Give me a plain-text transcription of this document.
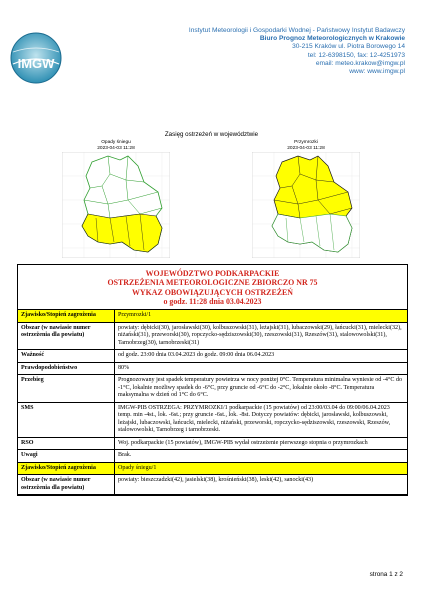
IMGW
Instytut Meteorologii i Gospodarki Wodnej - Państwowy Instytut Badawczy
Biuro Prognoz Meteorologicznych w Krakowie
30-215 Kraków ul. Piotra Borowego 14
tel: 12-6398150, fax: 12-4251973
email: meteo.krakow@imgw.pl
www: www.imgw.pl
Zasięg ostrzeżeń w województwie
Opady śniegu
2023-04-03 11:28
Przymrozki
2023-04-03 11:28
WOJEWÓDZTWO PODKARPACKIE
OSTRZEŻENIA METEOROLOGICZNE ZBIORCZO NR 75
WYKAZ OBOWIĄZUJĄCYCH OSTRZEŻEŃ
o godz. 11:28 dnia 03.04.2023
Zjawisko/Stopień zagrożenia	Przymrozki/1
Obszar (w nawiasie numer ostrzeżenia dla powiatu)	powiaty: dębicki(30), jarosławski(30), kolbuszowski(31), leżajski(31), lubaczowski(29), łańcucki(31), mielecki(32), niżański(31), przeworski(30), ropczycko-sędziszowski(30), rzeszowski(31), Rzeszów(31), stalowowolski(31), Tarnobrzeg(30), tarnobrzeski(31)
Ważność	od godz. 23:00 dnia 03.04.2023 do godz. 09:00 dnia 06.04.2023
Prawdopodobieństwo	80%
Przebieg	Prognozowany jest spadek temperatury powietrza w nocy poniżej 0°C. Temperatura minimalna wyniesie od -4°C do -1°C, lokalnie możliwy spadek do -6°C, przy gruncie od -6°C do -2°C, lokalnie około -8°C. Temperatura maksymalna w dzień od 1°C do 6°C.
SMS	IMGW-PIB OSTRZEGA: PRZYMROZKI/1 podkarpackie (15 powiatów) od 23:00/03.04 do 09:00/06.04.2023 temp. min -4st., lok. -6st.; przy gruncie -6st., lok. -8st. Dotyczy powiatów: dębicki, jarosławski, kolbuszowski, leżajski, lubaczowski, łańcucki, mielecki, niżański, przeworski, ropczycko-sędziszowski, rzeszowski, Rzeszów, stalowowolski, Tarnobrzeg i tarnobrzeski.
RSO	Woj. podkarpackie (15 powiatów), IMGW-PIB wydał ostrzeżenie pierwszego stopnia o przymrozkach
Uwagi	Brak.
Zjawisko/Stopień zagrożenia	Opady śniegu/1
Obszar (w nawiasie numer ostrzeżenia dla powiatu)	powiaty: bieszczadzki(42), jasielski(38), krośnieński(38), leski(42), sanocki(43)
strona 1 z 2
